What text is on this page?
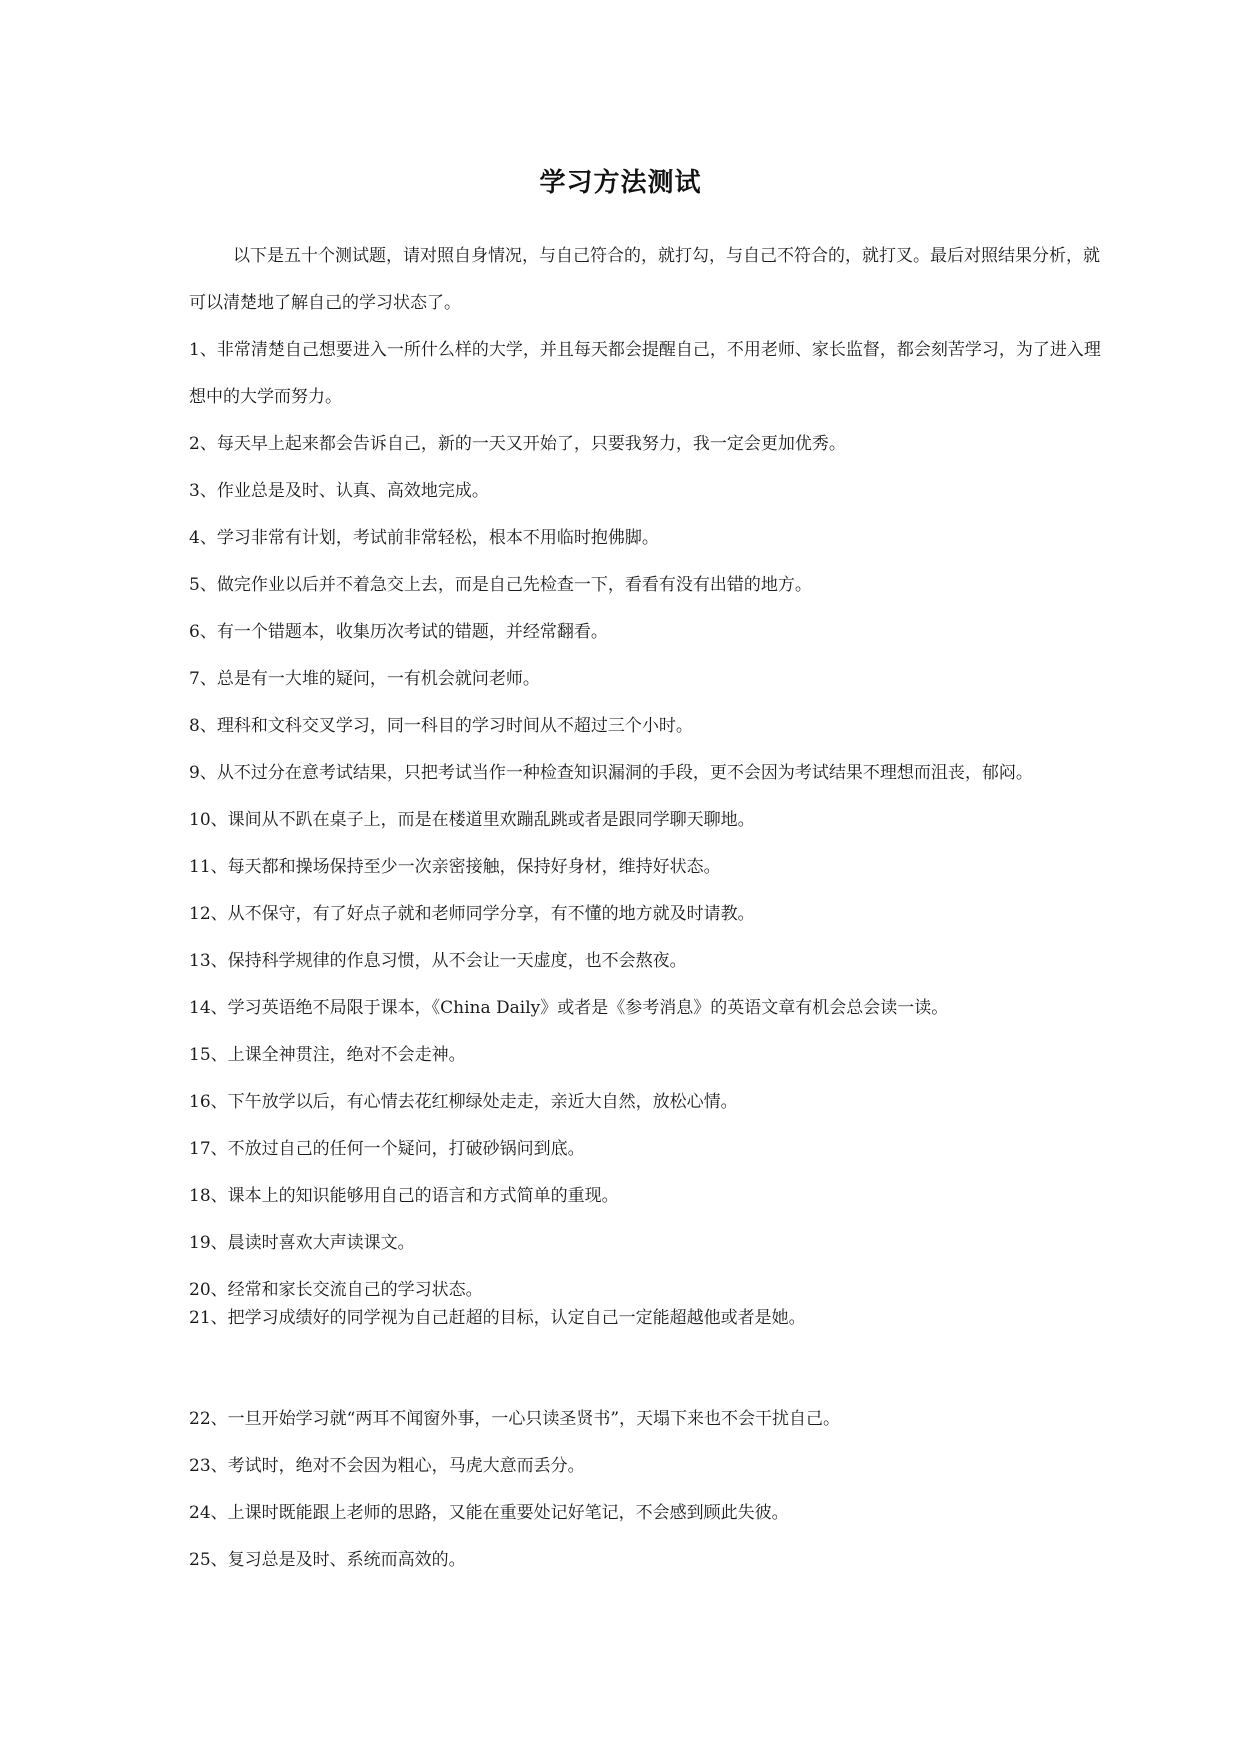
学习方法测试

以下是五十个测试题，请对照自身情况，与自己符合的，就打勾，与自己不符合的，就打叉。最后对照结果分析，就可以清楚地了解自己的学习状态了。

1、非常清楚自己想要进入一所什么样的大学，并且每天都会提醒自己，不用老师、家长监督，都会刻苦学习，为了进入理想中的大学而努力。

2、每天早上起来都会告诉自己，新的一天又开始了，只要我努力，我一定会更加优秀。

3、作业总是及时、认真、高效地完成。

4、学习非常有计划，考试前非常轻松，根本不用临时抱佛脚。

5、做完作业以后并不着急交上去，而是自己先检查一下，看看有没有出错的地方。

6、有一个错题本，收集历次考试的错题，并经常翻看。

7、总是有一大堆的疑问，一有机会就问老师。

8、理科和文科交叉学习，同一科目的学习时间从不超过三个小时。

9、从不过分在意考试结果，只把考试当作一种检查知识漏洞的手段，更不会因为考试结果不理想而沮丧，郁闷。

10、课间从不趴在桌子上，而是在楼道里欢蹦乱跳或者是跟同学聊天聊地。

11、每天都和操场保持至少一次亲密接触，保持好身材，维持好状态。

12、从不保守，有了好点子就和老师同学分享，有不懂的地方就及时请教。

13、保持科学规律的作息习惯，从不会让一天虚度，也不会熬夜。

14、学习英语绝不局限于课本，《China Daily》或者是《参考消息》的英语文章有机会总会读一读。

15、上课全神贯注，绝对不会走神。

16、下午放学以后，有心情去花红柳绿处走走，亲近大自然，放松心情。

17、不放过自己的任何一个疑问，打破砂锅问到底。

18、课本上的知识能够用自己的语言和方式简单的重现。

19、晨读时喜欢大声读课文。

20、经常和家长交流自己的学习状态。

21、把学习成绩好的同学视为自己赶超的目标，认定自己一定能超越他或者是她。

22、一旦开始学习就“两耳不闻窗外事，一心只读圣贤书”，天塌下来也不会干扰自己。

23、考试时，绝对不会因为粗心，马虎大意而丢分。

24、上课时既能跟上老师的思路，又能在重要处记好笔记，不会感到顾此失彼。

25、复习总是及时、系统而高效的。
